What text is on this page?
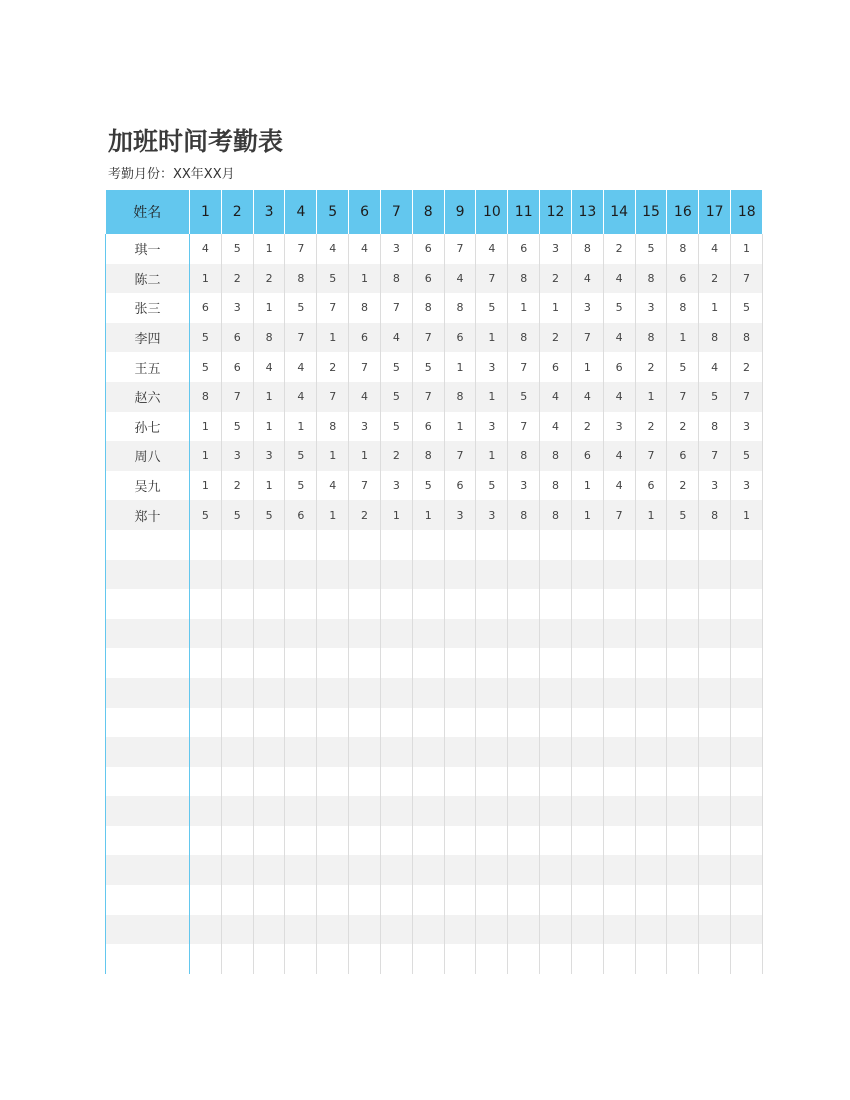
加班时间考勤表
考勤月份：XX年XX月
姓名	1	2	3	4	5	6	7	8	9	10	11	12	13	14	15	16	17	18
琪一	4	5	1	7	4	4	3	6	7	4	6	3	8	2	5	8	4	1
陈二	1	2	2	8	5	1	8	6	4	7	8	2	4	4	8	6	2	7
张三	6	3	1	5	7	8	7	8	8	5	1	1	3	5	3	8	1	5
李四	5	6	8	7	1	6	4	7	6	1	8	2	7	4	8	1	8	8
王五	5	6	4	4	2	7	5	5	1	3	7	6	1	6	2	5	4	2
赵六	8	7	1	4	7	4	5	7	8	1	5	4	4	4	1	7	5	7
孙七	1	5	1	1	8	3	5	6	1	3	7	4	2	3	2	2	8	3
周八	1	3	3	5	1	1	2	8	7	1	8	8	6	4	7	6	7	5
吴九	1	2	1	5	4	7	3	5	6	5	3	8	1	4	6	2	3	3
郑十	5	5	5	6	1	2	1	1	3	3	8	8	1	7	1	5	8	1
